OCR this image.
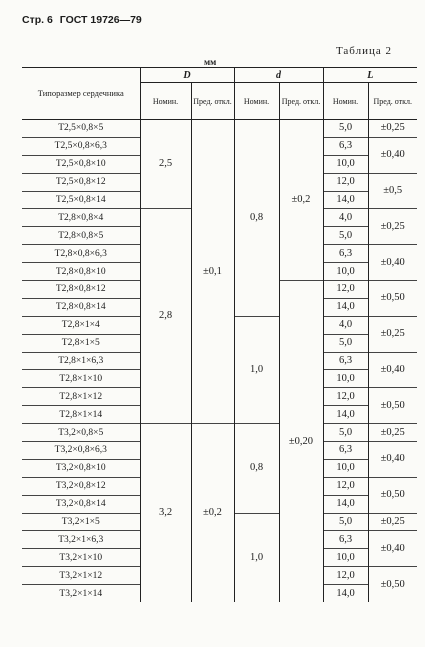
Стр. 6 ГОСТ 19726—79
Таблица 2
мм
Типоразмер сердечника	D		d		L	
	Номин.	Пред. откл.	Номин.	Пред. откл.	Номин.	Пред. откл.
Т2,5×0,8×5	2,5	±0,1	0,8	±0,2	5,0	±0,25
Т2,5×0,8×6,3					6,3	±0,40
Т2,5×0,8×10					10,0	
Т2,5×0,8×12					12,0	±0,5
Т2,5×0,8×14					14,0	
Т2,8×0,8×4	2,8				4,0	±0,25
Т2,8×0,8×5					5,0	
Т2,8×0,8×6,3					6,3	±0,40
Т2,8×0,8×10					10,0	
Т2,8×0,8×12				±0,20	12,0	±0,50
Т2,8×0,8×14					14,0	
Т2,8×1×4			1,0		4,0	±0,25
Т2,8×1×5					5,0	
Т2,8×1×6,3					6,3	±0,40
Т2,8×1×10					10,0	
Т2,8×1×12					12,0	±0,50
Т2,8×1×14					14,0	
Т3,2×0,8×5	3,2	±0,2	0,8		5,0	±0,25
Т3,2×0,8×6,3					6,3	±0,40
Т3,2×0,8×10					10,0	
Т3,2×0,8×12					12,0	±0,50
Т3,2×0,8×14					14,0	
Т3,2×1×5			1,0		5,0	±0,25
Т3,2×1×6,3					6,3	±0,40
Т3,2×1×10					10,0	
Т3,2×1×12					12,0	±0,50
Т3,2×1×14					14,0	
